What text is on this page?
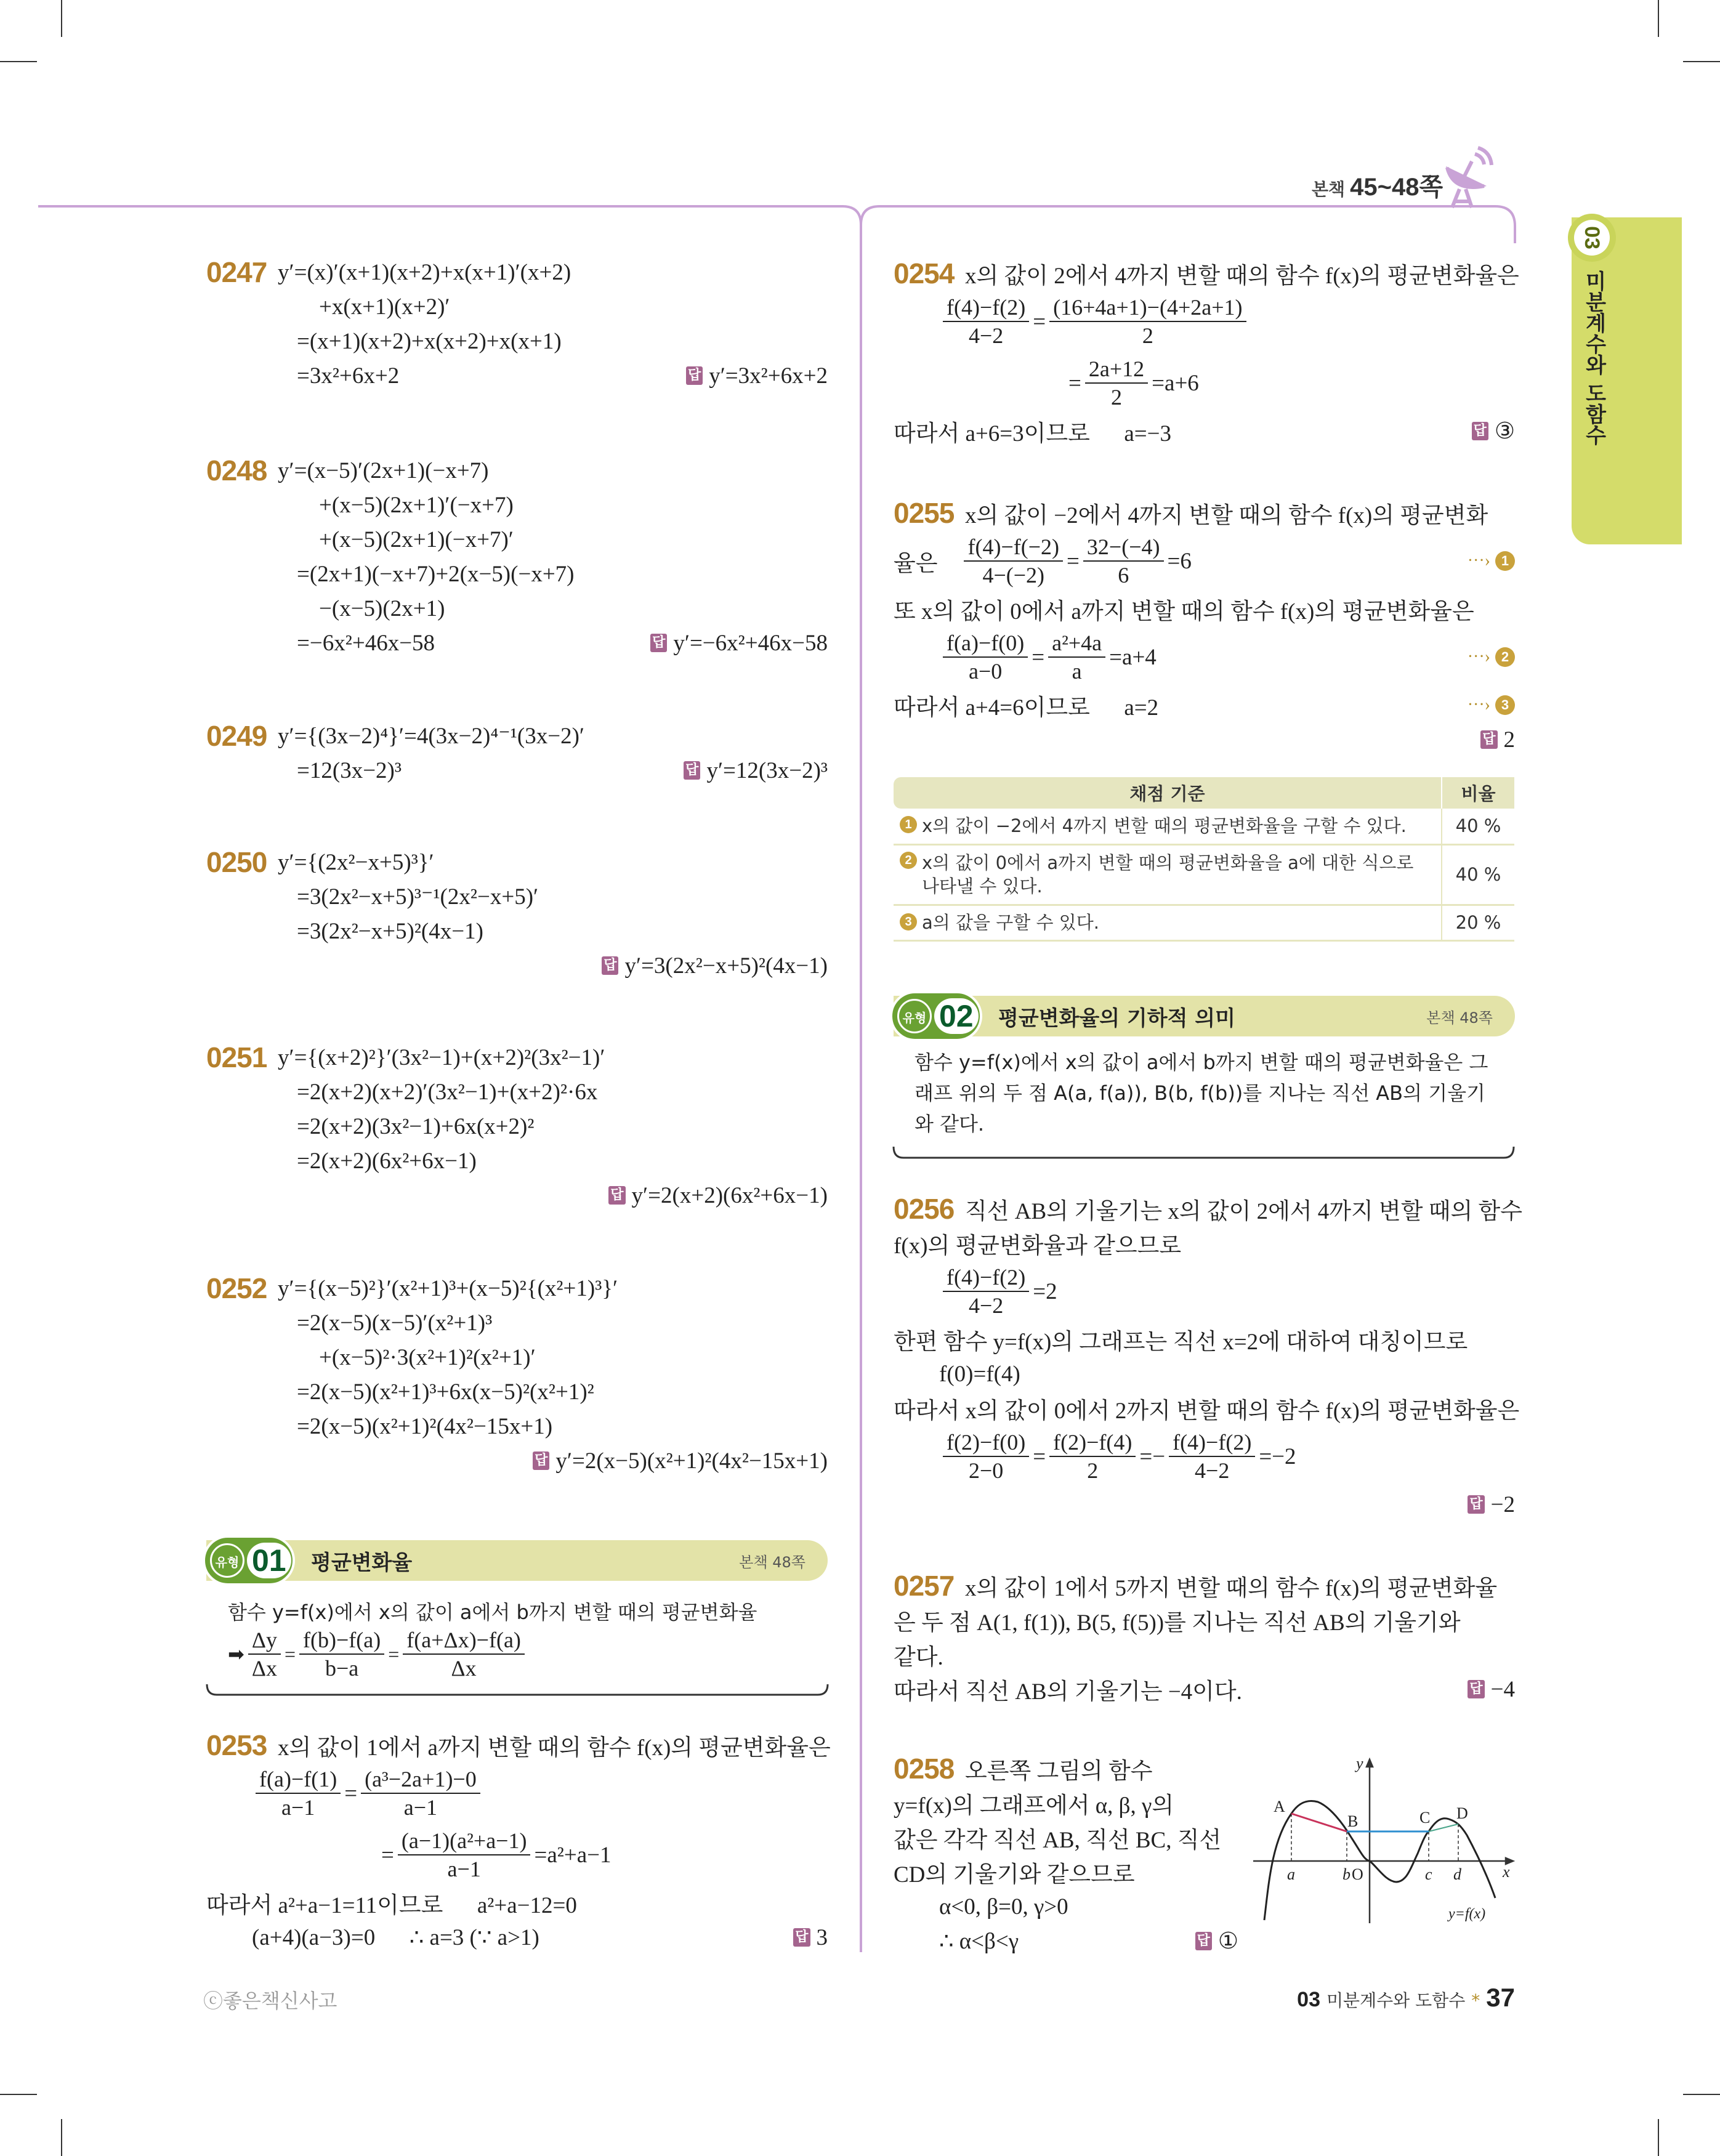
본책 45~48쪽
03
미분계수와 도함수
0247 y′=(x)′(x+1)(x+2)+x(x+1)′(x+2)
+x(x+1)(x+2)′
=(x+1)(x+2)+x(x+2)+x(x+1)
=3x²+6x+2	답 y′=3x²+6x+2
0248 y′=(x−5)′(2x+1)(−x+7)
+(x−5)(2x+1)′(−x+7)
+(x−5)(2x+1)(−x+7)′
=(2x+1)(−x+7)+2(x−5)(−x+7)
−(x−5)(2x+1)
=−6x²+46x−58	답 y′=−6x²+46x−58
0249 y′={(3x−2)⁴}′=4(3x−2)⁴⁻¹(3x−2)′
=12(3x−2)³	답 y′=12(3x−2)³
0250 y′={(2x²−x+5)³}′
=3(2x²−x+5)³⁻¹(2x²−x+5)′
=3(2x²−x+5)²(4x−1)
답 y′=3(2x²−x+5)²(4x−1)
0251 y′={(x+2)²}′(3x²−1)+(x+2)²(3x²−1)′
=2(x+2)(x+2)′(3x²−1)+(x+2)²·6x
=2(x+2)(3x²−1)+6x(x+2)²
=2(x+2)(6x²+6x−1)
답 y′=2(x+2)(6x²+6x−1)
0252 y′={(x−5)²}′(x²+1)³+(x−5)²{(x²+1)³}′
=2(x−5)(x−5)′(x²+1)³
+(x−5)²·3(x²+1)²(x²+1)′
=2(x−5)(x²+1)³+6x(x−5)²(x²+1)²
=2(x−5)(x²+1)²(4x²−15x+1)
답 y′=2(x−5)(x²+1)²(4x²−15x+1)
0253 x의 값이 1에서 a까지 변할 때의 함수 f(x)의 평균변화율은
$\frac{f(a)-f(1)}{a-1} = \frac{\text{(a³−2a+1)−0}}{a-1}$
= $\frac{\text{(a−1)(a²+a−1)}}{a-1} =a^2+a-1$
따라서 a²+a−1=11이므로      a²+a−12=0
(a+4)(a−3)=0      ∴ a=3 (∵ a>1)	답 3
0254 x의 값이 2에서 4까지 변할 때의 함수 f(x)의 평균변화율은
$\frac{f(4)-f(2)}{4-2} = \frac{(16+4a+1)-(4+2a+1)}{2}$
= $\frac{2a+12}{2} =a+6$
따라서 a+6=3이므로      a=−3	답 ③
0255 x의 값이 −2에서 4까지 변할 때의 함수 f(x)의 평균변화
율은 $\frac{f(4)-f(-2)}{4-(-2)} = \frac{32-(-4)}{6} =6$	···› 1
또 x의 값이 0에서 a까지 변할 때의 함수 f(x)의 평균변화율은
$\frac{f(a)-f(0)}{a-0} = \frac{\text{a²+4a}}{a} =a+4$	···› 2
따라서 a+4=6이므로      a=2	···› 3
답 2
0256 직선 AB의 기울기는 x의 값이 2에서 4까지 변할 때의 함수
f(x)의 평균변화율과 같으므로
$\frac{f(4)-f(2)}{4-2} =2$
한편 함수 y=f(x)의 그래프는 직선 x=2에 대하여 대칭이므로
f(0)=f(4)
따라서 x의 값이 0에서 2까지 변할 때의 함수 f(x)의 평균변화율은
$\frac{f(2)-f(0)}{2-0} = \frac{f(2)-f(4)}{2} =- \frac{f(4)-f(2)}{4-2} =-2$
답 −2
0257 x의 값이 1에서 5까지 변할 때의 함수 f(x)의 평균변화율
은 두 점 A(1, f(1)), B(5, f(5))를 지나는 직선 AB의 기울기와
같다.
따라서 직선 AB의 기울기는 −4이다.	답 −4
0258 오른쪽 그림의 함수
y=f(x)의 그래프에서 α, β, γ의
값은 각각 직선 AB, 직선 BC, 직선
CD의 기울기와 같으므로
α<0, β=0, γ>0
∴ α<β<γ	답 ①
유형 01 평균변화율	본책 48쪽
함수 y=f(x)에서 x의 값이 a에서 b까지 변할 때의 평균변화율
➡ $\frac{\Delta y}{\Delta x} = \frac{f(b)-f(a)}{b-a} = \frac{f(a+\Delta x)-f(a)}{\Delta x}$
채점 기준	비율

1 x의 값이 −2에서 4까지 변할 때의 평균변화율을 구할 수 있다.	40 %

2 x의 값이 0에서 a까지 변할 때의 평균변화율을 a에 대한 식으로 나타낼 수 있다.	40 %

3 a의 값을 구할 수 있다.	20 %
유형 02 평균변화율의 기하적 의미	본책 48쪽
함수 y=f(x)에서 x의 값이 a에서 b까지 변할 때의 평균변화율은 그래프 위의 두 점 A(a, f(a)), B(b, f(b))를 지나는 직선 AB의 기울기와 같다.
A
B	C D
a	b	c d	x
y
y=f(x)
O
ⓒ좋은책신사고	03 미분계수와 도함수 * 37
